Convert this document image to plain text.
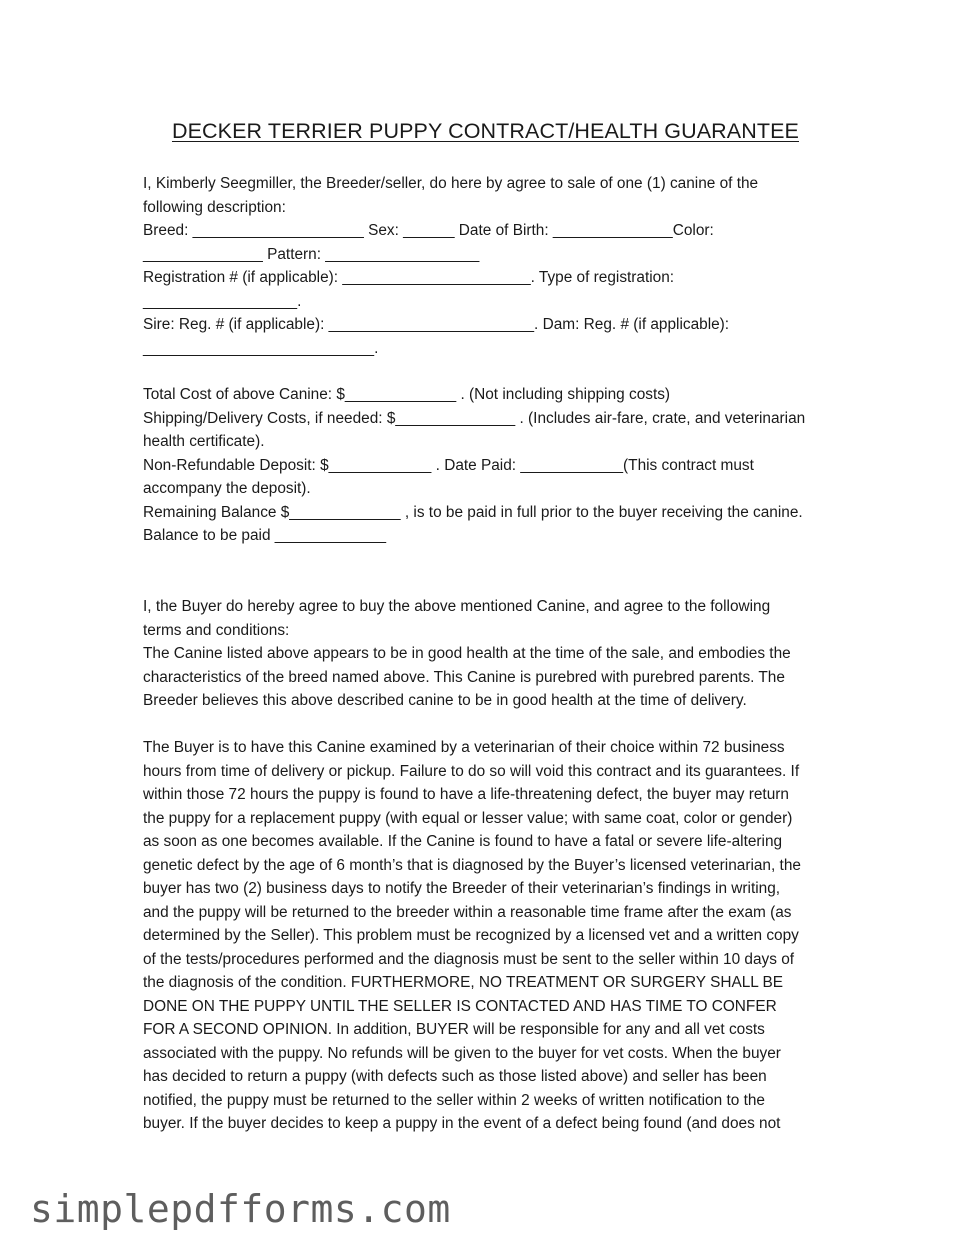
DECKER TERRIER PUPPY CONTRACT/HEALTH GUARANTEE
I, Kimberly Seegmiller, the Breeder/seller, do here by agree to sale of one (1) canine of the
following description:
Breed: ____________________ Sex: ______ Date of Birth: ______________Color:
______________ Pattern: __________________
Registration # (if applicable): ______________________. Type of registration:
__________________.
Sire: Reg. # (if applicable): ________________________. Dam: Reg. # (if applicable):
___________________________.
Total Cost of above Canine: $_____________ . (Not including shipping costs)
Shipping/Delivery Costs, if needed: $______________ . (Includes air-fare, crate, and veterinarian
health certificate).
Non-Refundable Deposit: $____________ . Date Paid: ____________(This contract must
accompany the deposit).
Remaining Balance $_____________ , is to be paid in full prior to the buyer receiving the canine.
Balance to be paid _____________
I, the Buyer do hereby agree to buy the above mentioned Canine, and agree to the following
terms and conditions:
The Canine listed above appears to be in good health at the time of the sale, and embodies the
characteristics of the breed named above. This Canine is purebred with purebred parents. The
Breeder believes this above described canine to be in good health at the time of delivery.
The Buyer is to have this Canine examined by a veterinarian of their choice within 72 business
hours from time of delivery or pickup. Failure to do so will void this contract and its guarantees. If
within those 72 hours the puppy is found to have a life-threatening defect, the buyer may return
the puppy for a replacement puppy (with equal or lesser value; with same coat, color or gender)
as soon as one becomes available. If the Canine is found to have a fatal or severe life-altering
genetic defect by the age of 6 month’s that is diagnosed by the Buyer’s licensed veterinarian, the
buyer has two (2) business days to notify the Breeder of their veterinarian’s findings in writing,
and the puppy will be returned to the breeder within a reasonable time frame after the exam (as
determined by the Seller). This problem must be recognized by a licensed vet and a written copy
of the tests/procedures performed and the diagnosis must be sent to the seller within 10 days of
the diagnosis of the condition. FURTHERMORE, NO TREATMENT OR SURGERY SHALL BE
DONE ON THE PUPPY UNTIL THE SELLER IS CONTACTED AND HAS TIME TO CONFER
FOR A SECOND OPINION. In addition, BUYER will be responsible for any and all vet costs
associated with the puppy. No refunds will be given to the buyer for vet costs. When the buyer
has decided to return a puppy (with defects such as those listed above) and seller has been
notified, the puppy must be returned to the seller within 2 weeks of written notification to the
buyer. If the buyer decides to keep a puppy in the event of a defect being found (and does not
simplepdfforms.com
